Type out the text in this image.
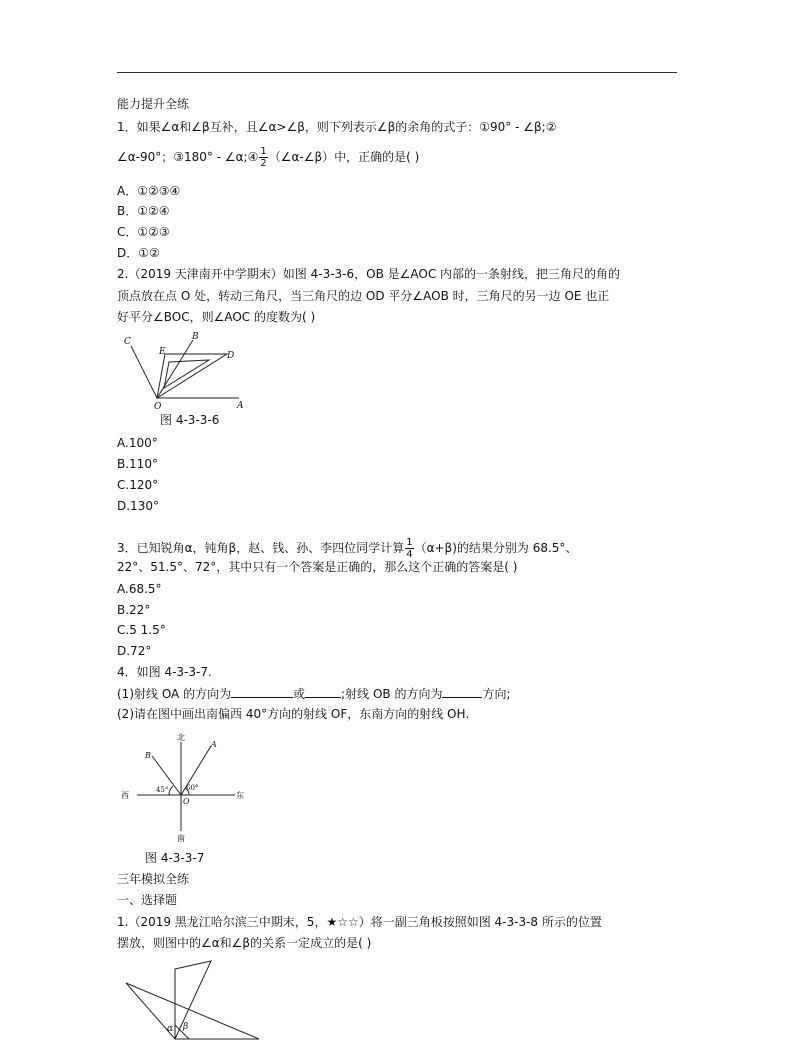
能力提升全练
1．如果∠α和∠β互补，且∠α>∠β，则下列表示∠β的余角的式子：①90° - ∠β;②
∠α-90°；③180° - ∠α;④ $\frac{1}{2}$ （∠α-∠β）中，正确的是( )
A．①②③④
B．①②④
C．①②③
D．①②
2.（2019 天津南开中学期末）如图 4-3-3-6，OB 是∠AOC 内部的一条射线，把三角尺的角的
顶点放在点 O 处，转动三角尺，当三角尺的边 OD 平分∠AOB 时，三角尺的另一边 OE 也正
好平分∠BOC，则∠AOC 的度数为( )
C	B
E	D
O	A
图 4-3-3-6
A.100°
B.110°
C.120°
D.130°
3．已知锐角α，钝角β，赵、钱、孙、李四位同学计算 $\frac{1}{4} (\alpha+\beta)$的结果分别为 68.5°、
22°、51.5°、72°，其中只有一个答案是正确的，那么这个正确的答案是( )
A.68.5°
B.22°
C.5 1.5°
D.72°
4．如图 4-3-3-7.
(1)射线 OA 的方向为	或	;射线 OB 的方向为	方向;
(2)请在图中画出南偏西 40°方向的射线 OF，东南方向的射线 OH.
北
南
西	东
A
B
O
45°	60°
图 4-3-3-7
三年模拟全练
一、选择题
1.（2019 黑龙江哈尔滨三中期末，5，★☆☆）将一副三角板按照如图 4-3-3-8 所示的位置
摆放，则图中的∠α和∠β的关系一定成立的是( )
α β
